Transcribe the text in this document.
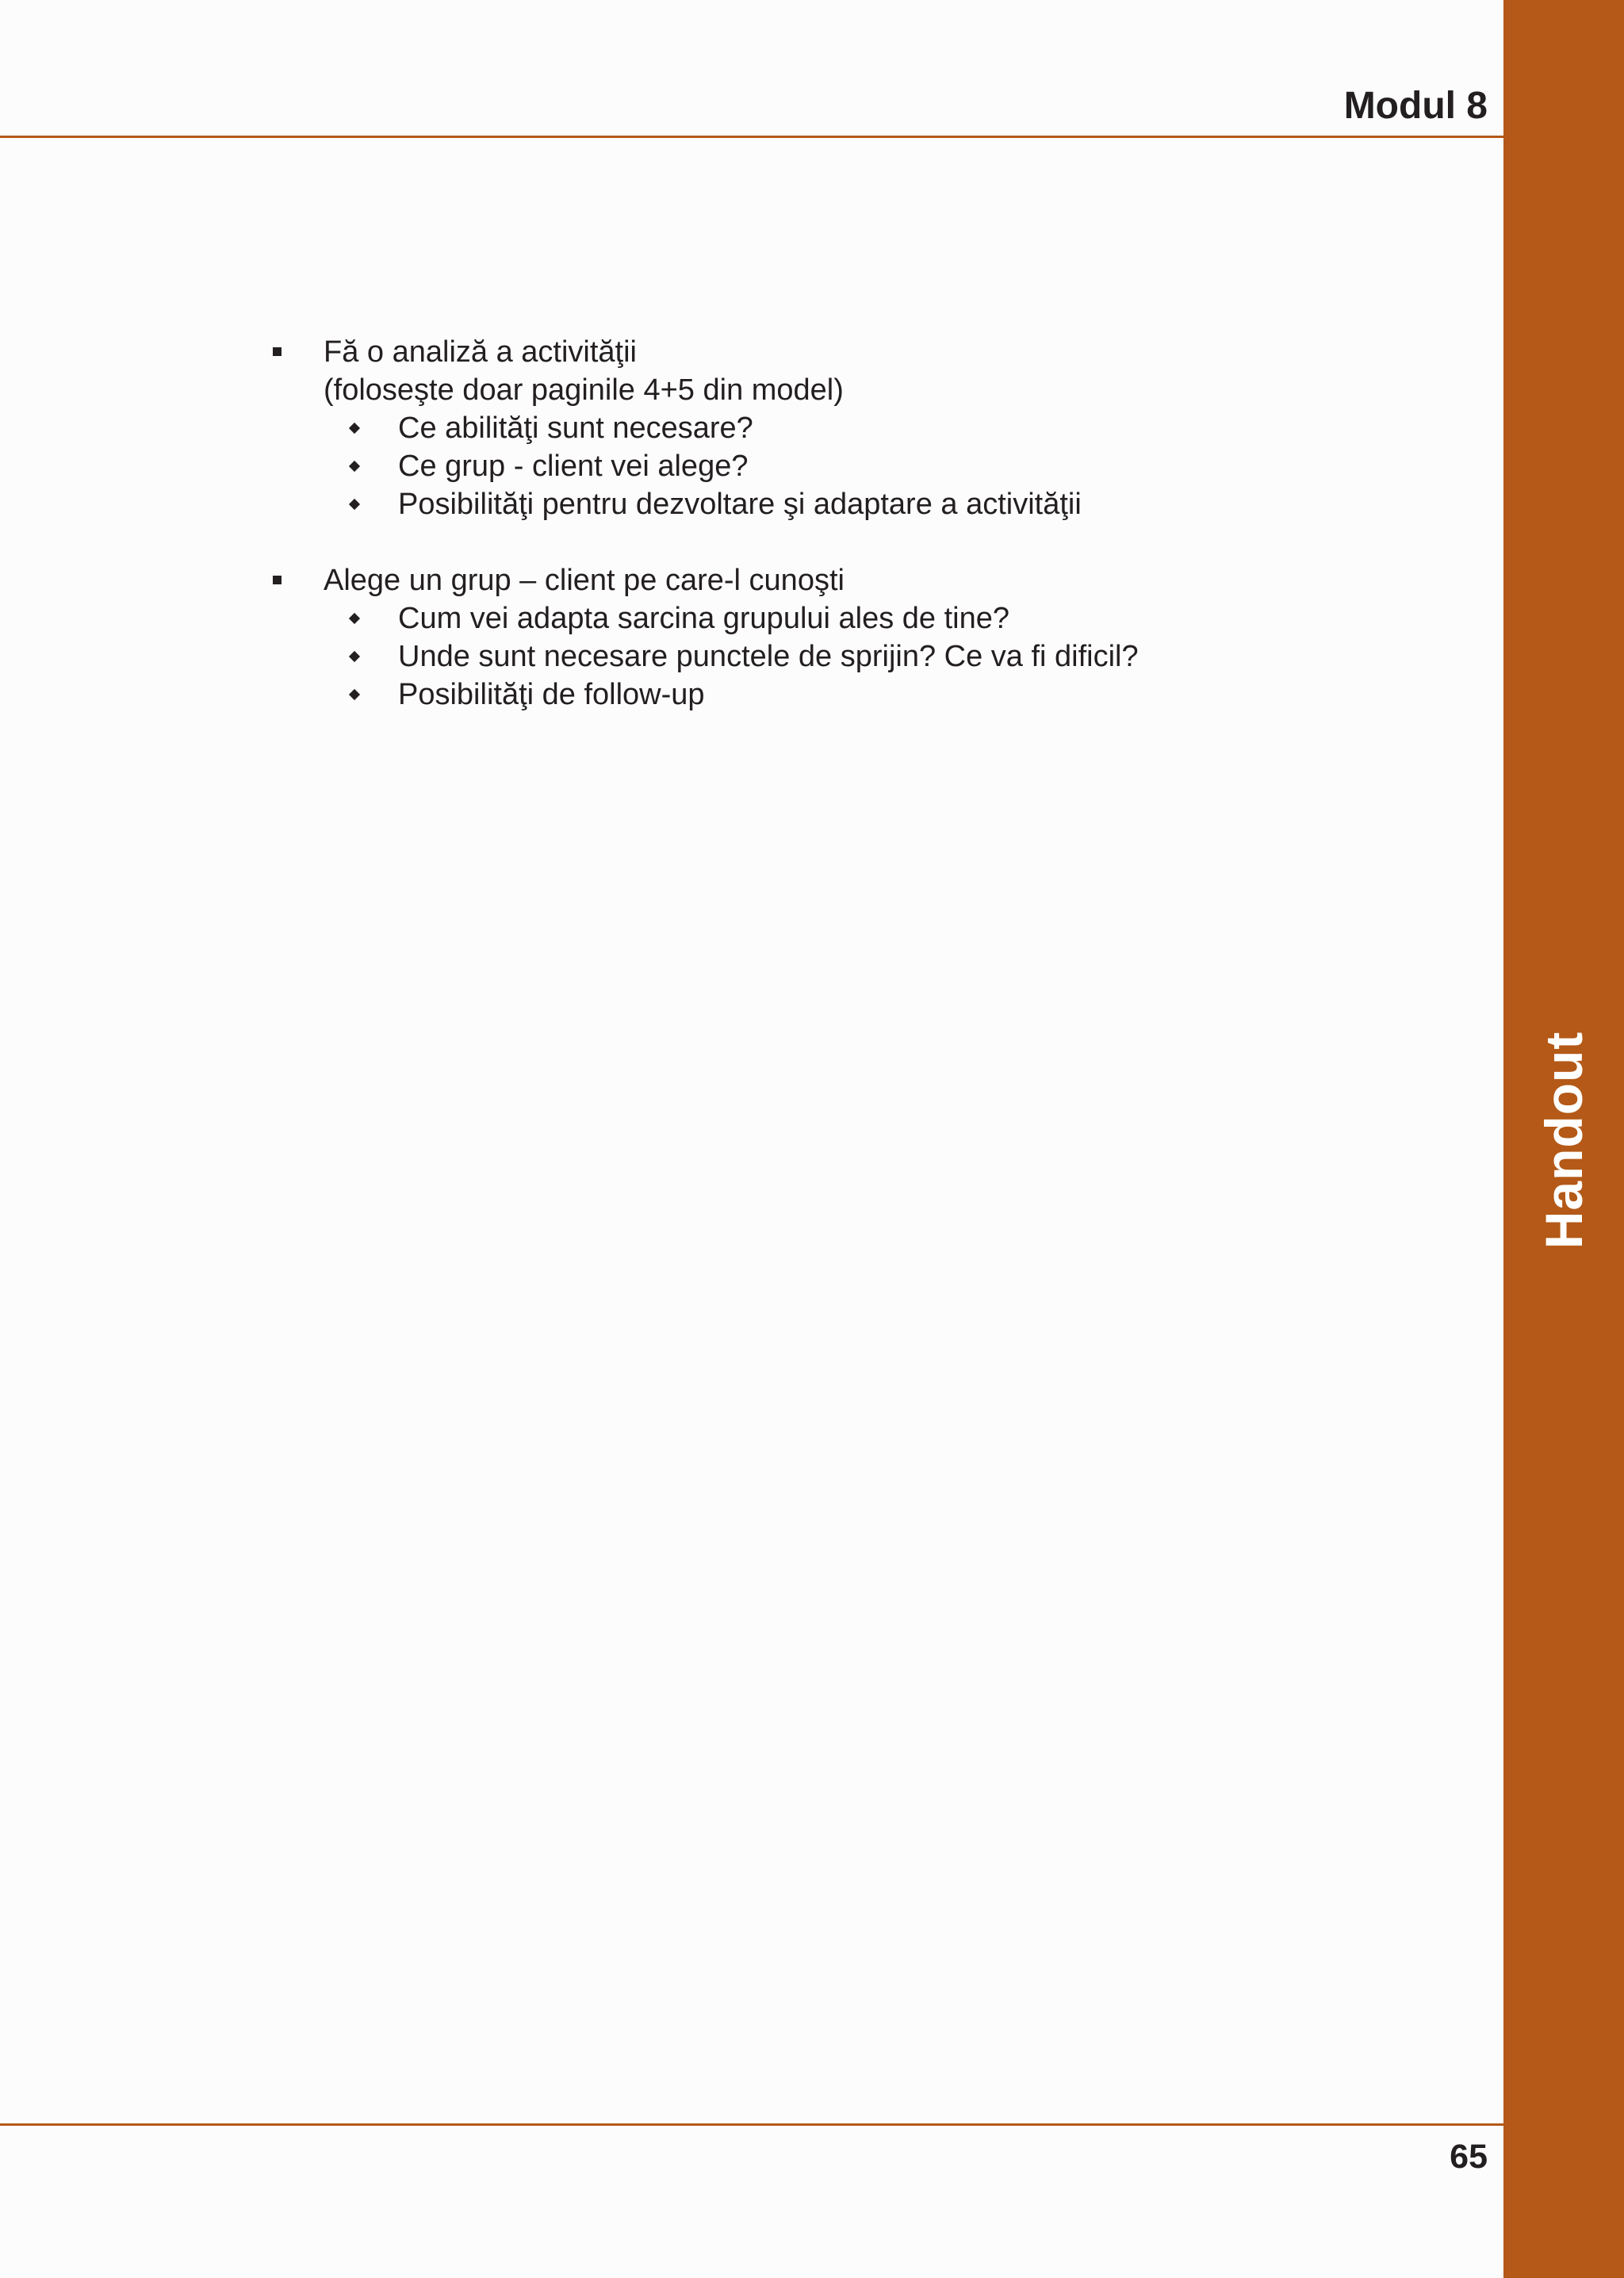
Handout
Modul 8
Fă o analiză a activităţii
(foloseşte doar paginile 4+5 din model)
Ce abilităţi sunt necesare?
Ce grup - client vei alege?
Posibilităţi pentru dezvoltare şi adaptare a activităţii
Alege un grup – client pe care-l cunoşti
Cum vei adapta sarcina grupului ales de tine?
Unde sunt necesare punctele de sprijin? Ce va fi dificil?
Posibilităţi de follow-up
65
